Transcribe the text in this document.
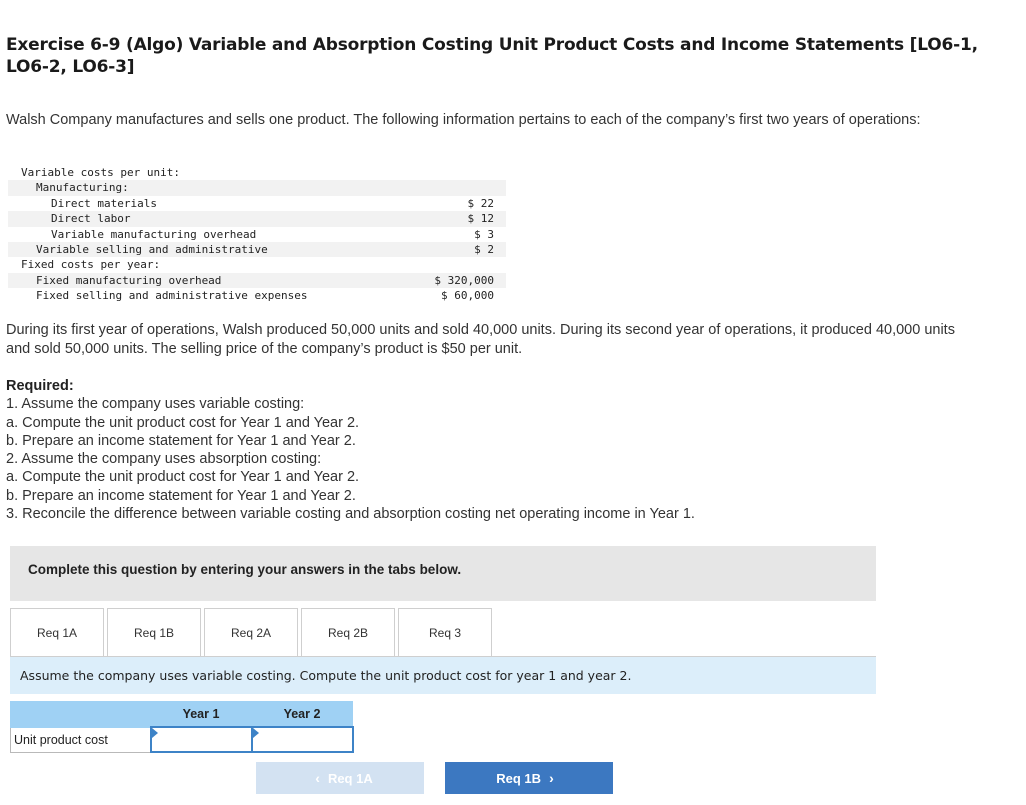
Exercise 6-9 (Algo) Variable and Absorption Costing Unit Product Costs and Income Statements [LO6-1, LO6-2, LO6-3]
Walsh Company manufactures and sells one product. The following information pertains to each of the company’s first two years of operations:
Variable costs per unit:	
Manufacturing:	
Direct materials	$ 22
Direct labor	$ 12
Variable manufacturing overhead	$ 3
Variable selling and administrative	$ 2
Fixed costs per year:	
Fixed manufacturing overhead	$ 320,000
Fixed selling and administrative expenses	$ 60,000
During its first year of operations, Walsh produced 50,000 units and sold 40,000 units. During its second year of operations, it produced 40,000 units and sold 50,000 units. The selling price of the company’s product is $50 per unit.
Required:
1. Assume the company uses variable costing:
a. Compute the unit product cost for Year 1 and Year 2.
b. Prepare an income statement for Year 1 and Year 2.
2. Assume the company uses absorption costing:
a. Compute the unit product cost for Year 1 and Year 2.
b. Prepare an income statement for Year 1 and Year 2.
3. Reconcile the difference between variable costing and absorption costing net operating income in Year 1.
Complete this question by entering your answers in the tabs below.
Req 1A	Req 1B	Req 2A	Req 2B	Req 3
Assume the company uses variable costing. Compute the unit product cost for year 1 and year 2.
	Year 1	Year 2
Unit product cost	

‹ Req 1A	Req 1B ›
